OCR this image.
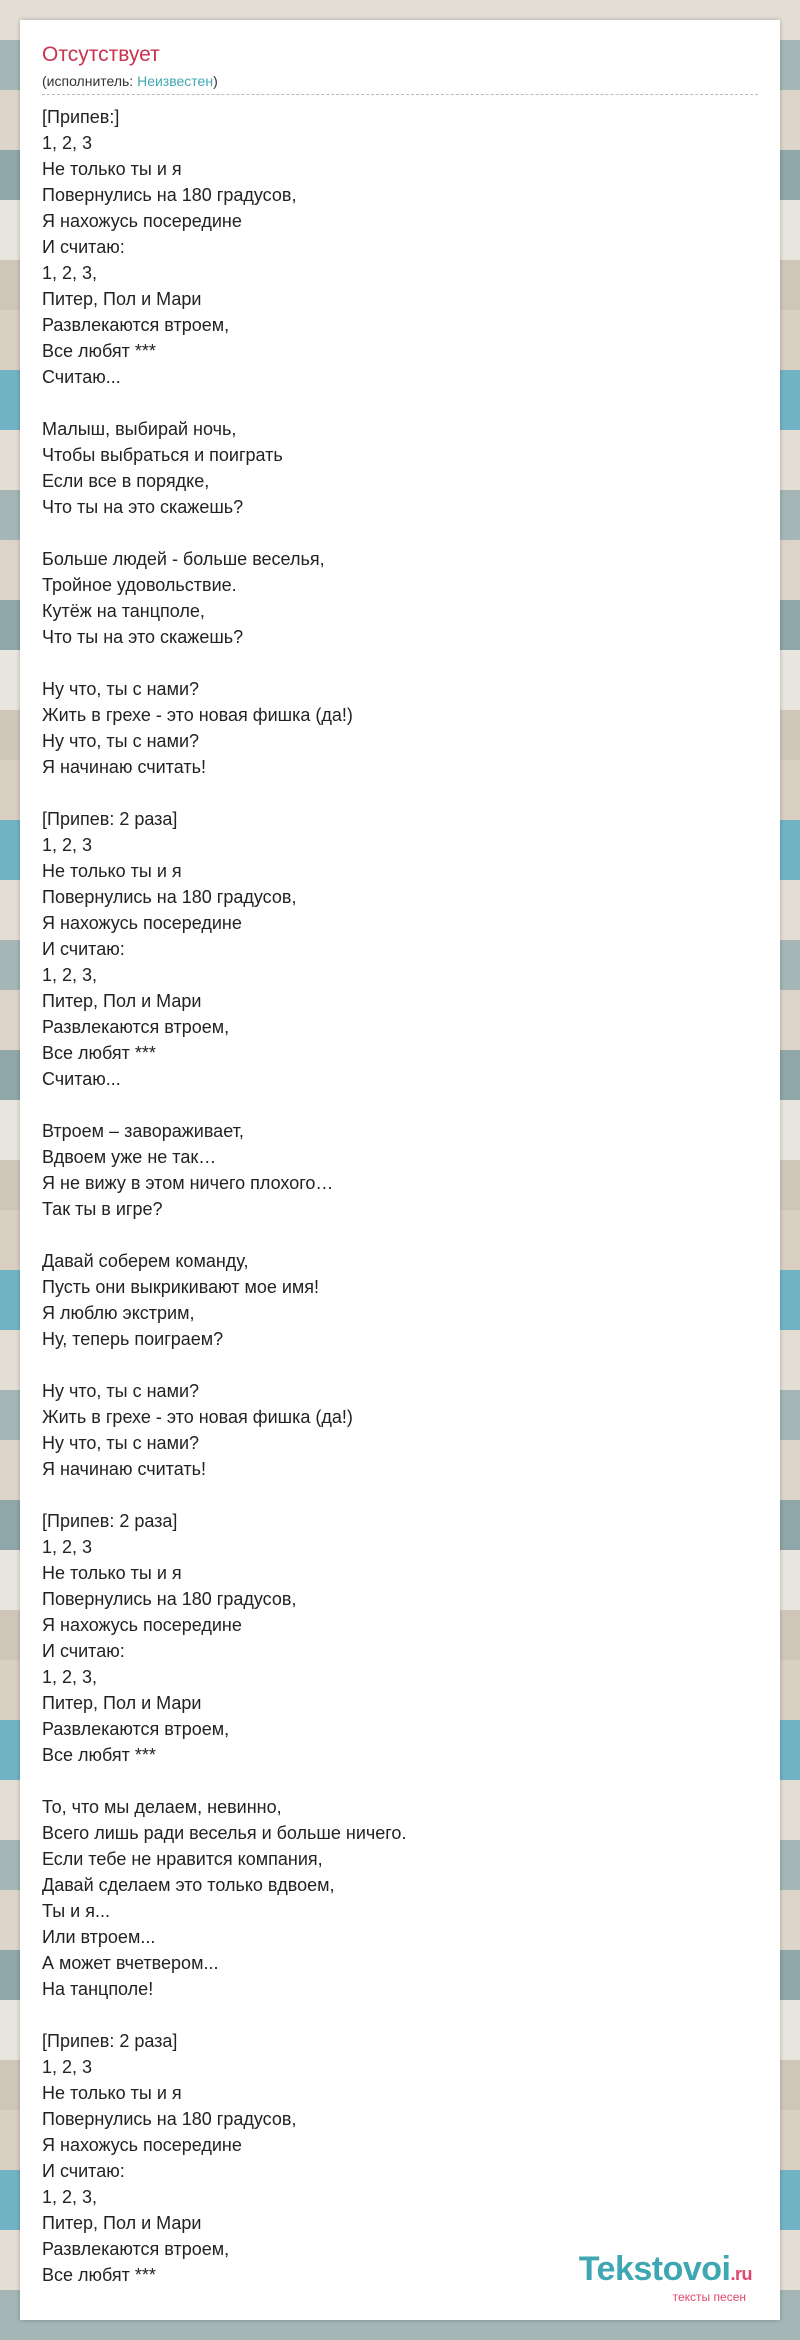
Отсутствует
(исполнитель: Неизвестен)
[Припев:]
1, 2, 3
Не только ты и я
Повернулись на 180 градусов,
Я нахожусь посередине
И считаю:
1, 2, 3,
Питер, Пол и Мари
Развлекаются втроем,
Все любят ***
Считаю...

Малыш, выбирай ночь,
Чтобы выбраться и поиграть
Если все в порядке,
Что ты на это скажешь?

Больше людей - больше веселья,
Тройное удовольствие.
Кутёж на танцполе,
Что ты на это скажешь?

Ну что, ты с нами?
Жить в грехе - это новая фишка (да!)
Ну что, ты с нами?
Я начинаю считать!

[Припев: 2 раза]
1, 2, 3
Не только ты и я
Повернулись на 180 градусов,
Я нахожусь посередине
И считаю:
1, 2, 3,
Питер, Пол и Мари
Развлекаются втроем,
Все любят ***
Считаю...

Втроем – завораживает,
Вдвоем уже не так…
Я не вижу в этом ничего плохого…
Так ты в игре?

Давай соберем команду,
Пусть они выкрикивают мое имя!
Я люблю экстрим,
Ну, теперь поиграем?

Ну что, ты с нами?
Жить в грехе - это новая фишка (да!)
Ну что, ты с нами?
Я начинаю считать!

[Припев: 2 раза]
1, 2, 3
Не только ты и я
Повернулись на 180 градусов,
Я нахожусь посередине
И считаю:
1, 2, 3,
Питер, Пол и Мари
Развлекаются втроем,
Все любят ***

То, что мы делаем, невинно,
Всего лишь ради веселья и больше ничего.
Если тебе не нравится компания,
Давай сделаем это только вдвоем,
Ты и я...
Или втроем...
А может вчетвером...
На танцполе!

[Припев: 2 раза]
1, 2, 3
Не только ты и я
Повернулись на 180 градусов,
Я нахожусь посередине
И считаю:
1, 2, 3,
Питер, Пол и Мари
Развлекаются втроем,
Все любят ***	Tekstovoi.ru
тексты песен
